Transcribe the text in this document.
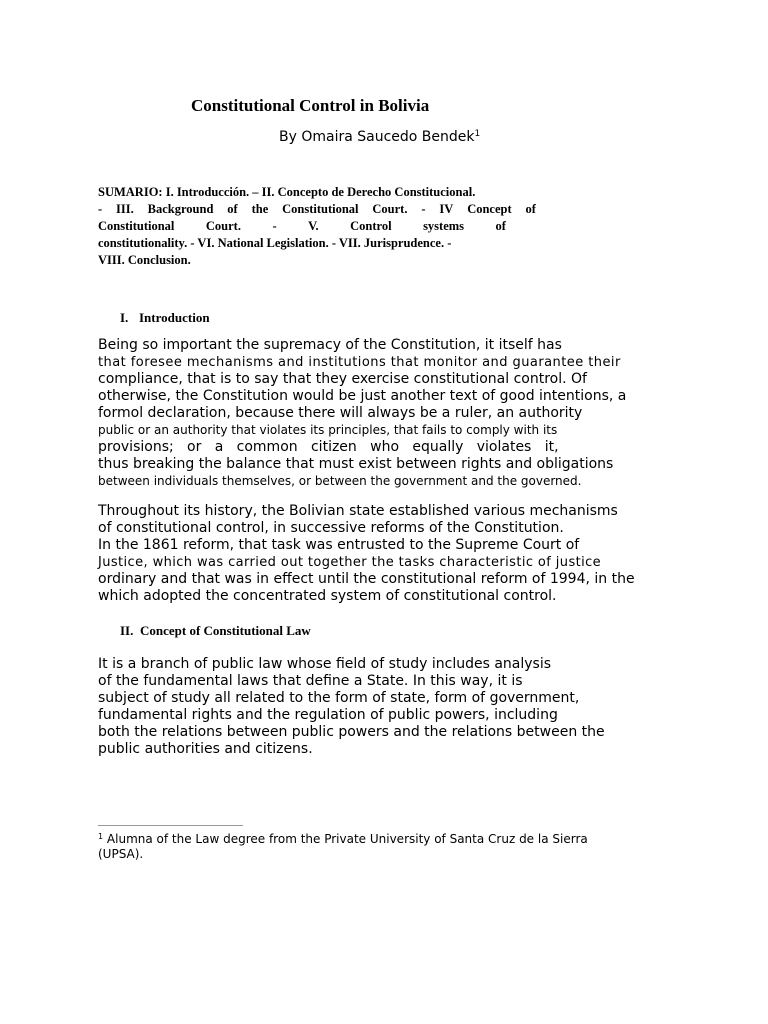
Constitutional Control in Bolivia
By Omaira Saucedo Bendek$^1$
SUMARIO: I. Introducción. – II. Concepto de Derecho Constitucional.
- III. Background of the Constitutional Court. - IV Concept of
Constitutional	Court.	-	V.	Control	systems	of
constitutionality. - VI. National Legislation. - VII. Jurisprudence. -
VIII. Conclusion.
I. Introduction
Being so important the supremacy of the Constitution, it itself has
that foresee mechanisms and institutions that monitor and guarantee their
compliance, that is to say that they exercise constitutional control. Of
otherwise, the Constitution would be just another text of good intentions, a
formol declaration, because there will always be a ruler, an authority
public or an authority that violates its principles, that fails to comply with its
provisions;   or   a   common   citizen   who   equally   violates   it,
thus breaking the balance that must exist between rights and obligations
between individuals themselves, or between the government and the governed.
Throughout its history, the Bolivian state established various mechanisms
of constitutional control, in successive reforms of the Constitution.
In the 1861 reform, that task was entrusted to the Supreme Court of
Justice, which was carried out together the tasks characteristic of justice
ordinary and that was in effect until the constitutional reform of 1994, in the
which adopted the concentrated system of constitutional control.
II. Concept of Constitutional Law
It is a branch of public law whose field of study includes analysis
of the fundamental laws that define a State. In this way, it is
subject of study all related to the form of state, form of government,
fundamental rights and the regulation of public powers, including
both the relations between public powers and the relations between the
public authorities and citizens.
$^1$ Alumna of the Law degree from the Private University of Santa Cruz de la Sierra
(UPSA).
